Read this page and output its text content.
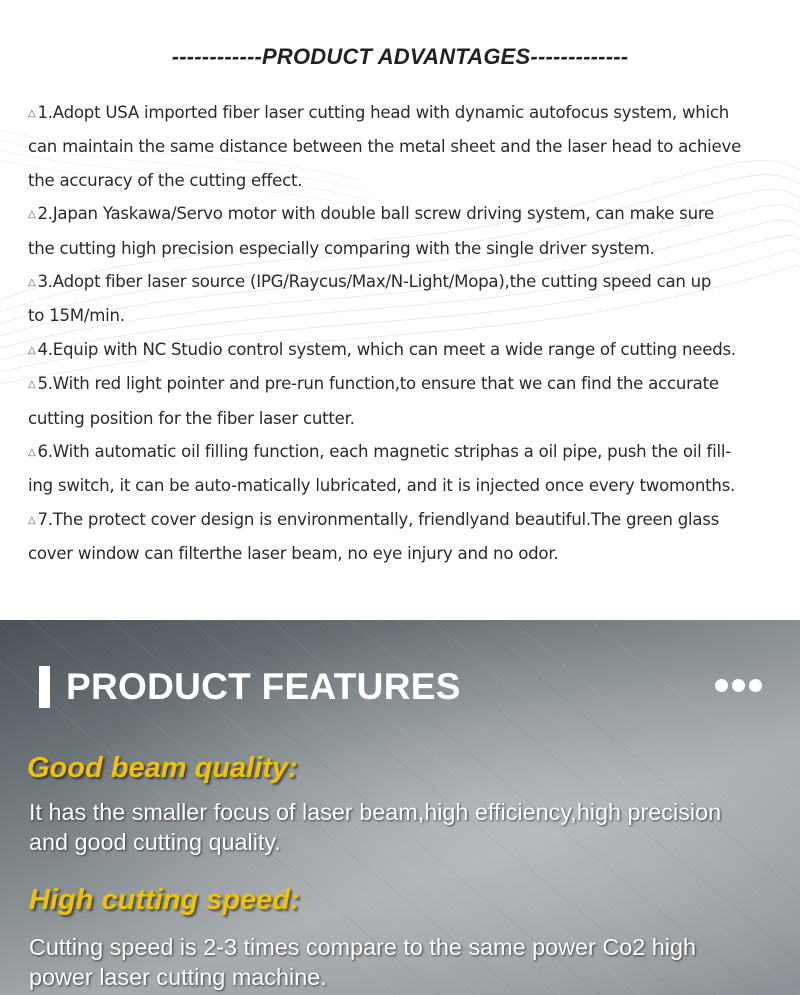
------------PRODUCT ADVANTAGES-------------
△ 1.Adopt USA imported fiber laser cutting head with dynamic autofocus system, which
can maintain the same distance between the metal sheet and the laser head to achieve
the accuracy of the cutting effect.
△ 2.Japan Yaskawa/Servo motor with double ball screw driving system, can make sure
the cutting high precision especially comparing with the single driver system.
△ 3.Adopt fiber laser source (IPG/Raycus/Max/N-Light/Mopa),the cutting speed can up
to 15M/min.
△ 4.Equip with NC Studio control system, which can meet a wide range of cutting needs.
△ 5.With red light pointer and pre-run function,to ensure that we can find the accurate
cutting position for the fiber laser cutter.
△ 6.With automatic oil filling function, each magnetic striphas a oil pipe, push the oil fill-
ing switch, it can be auto-matically lubricated, and it is injected once every twomonths.
△ 7.The protect cover design is environmentally, friendlyand beautiful.The green glass
cover window can filterthe laser beam, no eye injury and no odor.
PRODUCT FEATURES
Good beam quality:
It has the smaller focus of laser beam,high efficiency,high precision
and good cutting quality.
High cutting speed:
Cutting speed is 2-3 times compare to the same power Co2 high
power laser cutting machine.
